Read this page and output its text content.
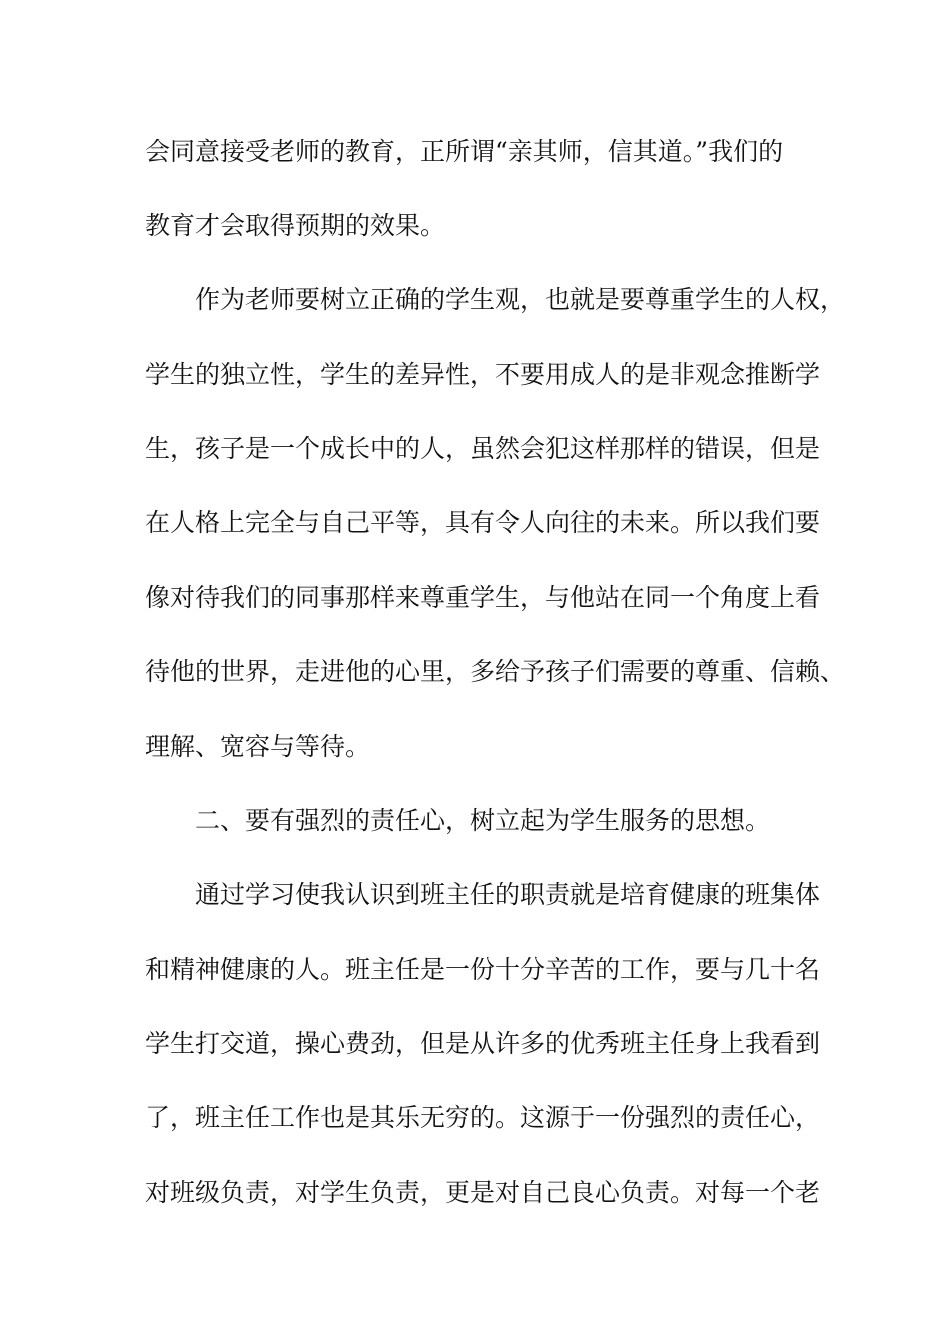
会同意接受老师的教育，正所谓“亲其师，信其道。”我们的
教育才会取得预期的效果。
作为老师要树立正确的学生观，也就是要尊重学生的人权，
学生的独立性，学生的差异性，不要用成人的是非观念推断学
生，孩子是一个成长中的人，虽然会犯这样那样的错误，但是
在人格上完全与自己平等，具有令人向往的未来。所以我们要
像对待我们的同事那样来尊重学生，与他站在同一个角度上看
待他的世界，走进他的心里，多给予孩子们需要的尊重、信赖、
理解、宽容与等待。
二、要有强烈的责任心，树立起为学生服务的思想。
通过学习使我认识到班主任的职责就是培育健康的班集体
和精神健康的人。班主任是一份十分辛苦的工作，要与几十名
学生打交道，操心费劲，但是从许多的优秀班主任身上我看到
了，班主任工作也是其乐无穷的。这源于一份强烈的责任心，
对班级负责，对学生负责，更是对自己良心负责。对每一个老
